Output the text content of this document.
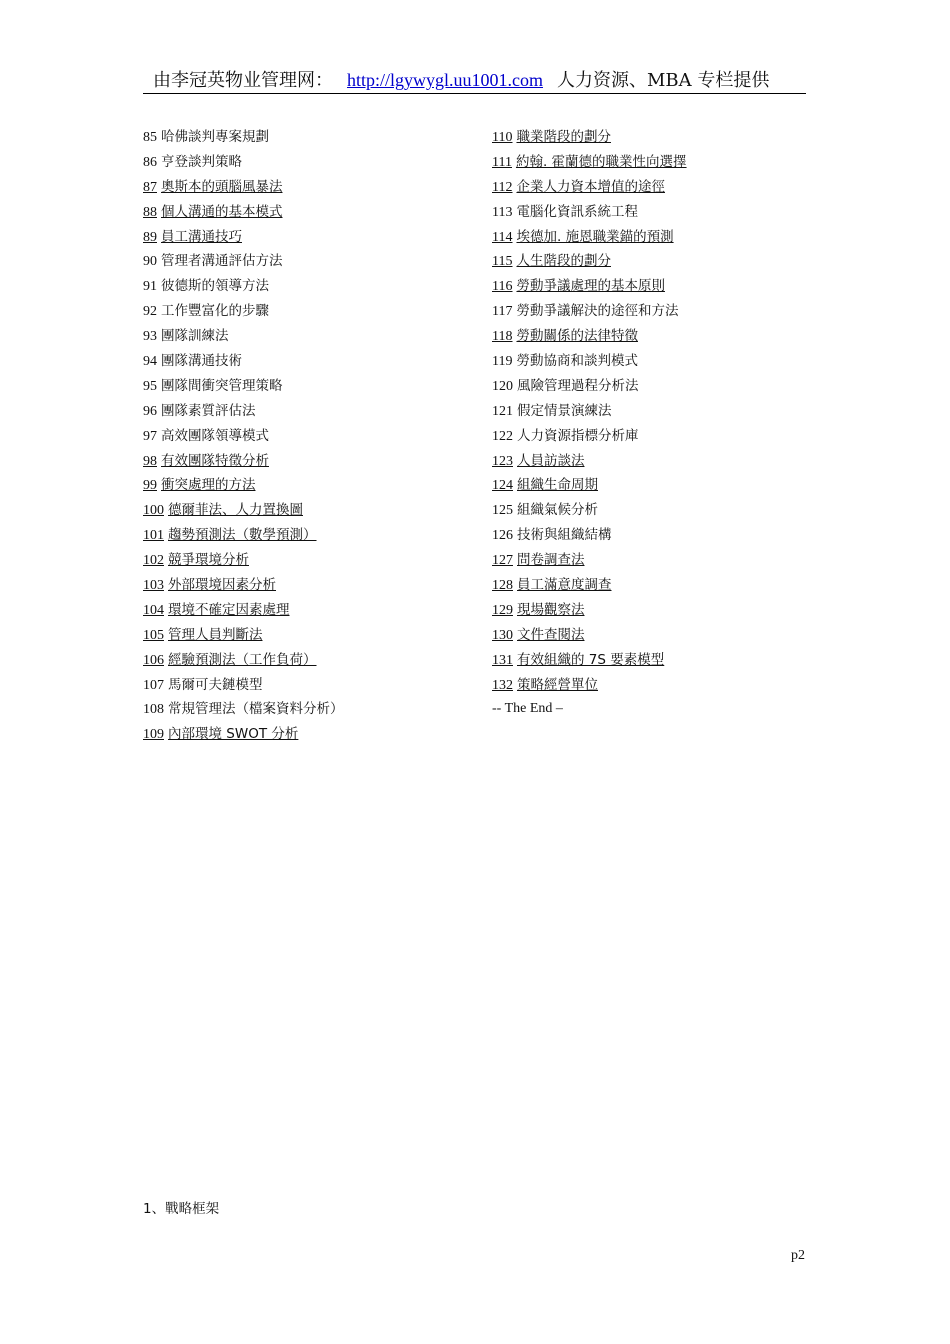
由李冠英物业管理网： http://lgywygl.uu1001.com 人力资源、MBA 专栏提供
85 哈佛談判專案規劃
86 亨登談判策略
87 奧斯本的頭腦風暴法
88 個人溝通的基本模式
89 員工溝通技巧
90 管理者溝通評估方法
91 彼德斯的領導方法
92 工作豐富化的步驟
93 團隊訓練法
94 團隊溝通技術
95 團隊間衝突管理策略
96 團隊素質評估法
97 高效團隊領導模式
98 有效團隊特徵分析
99 衝突處理的方法
100 德爾菲法、人力置換圖
101 趨勢預測法（數學預測）
102 競爭環境分析
103 外部環境因素分析
104 環境不確定因素處理
105 管理人員判斷法
106 經驗預測法（工作負荷）
107 馬爾可夫鏈模型
108 常規管理法（檔案資料分析）
109 內部環境 SWOT 分析
110 職業階段的劃分
111 約翰. 霍蘭德的職業性向選擇
112 企業人力資本增值的途徑
113 電腦化資訊系統工程
114 埃德加. 施恩職業錨的預測
115 人生階段的劃分
116 勞動爭議處理的基本原則
117 勞動爭議解決的途徑和方法
118 勞動關係的法律特徵
119 勞動協商和談判模式
120 風險管理過程分析法
121 假定情景演練法
122 人力資源指標分析庫
123 人員訪談法
124 組織生命周期
125 組織氣候分析
126 技術與組織結構
127 問卷調查法
128 員工滿意度調查
129 現場觀察法
130 文件查閱法
131 有效組織的 7S 要素模型
132 策略經營單位
-- The End –
1、戰略框架
p2
